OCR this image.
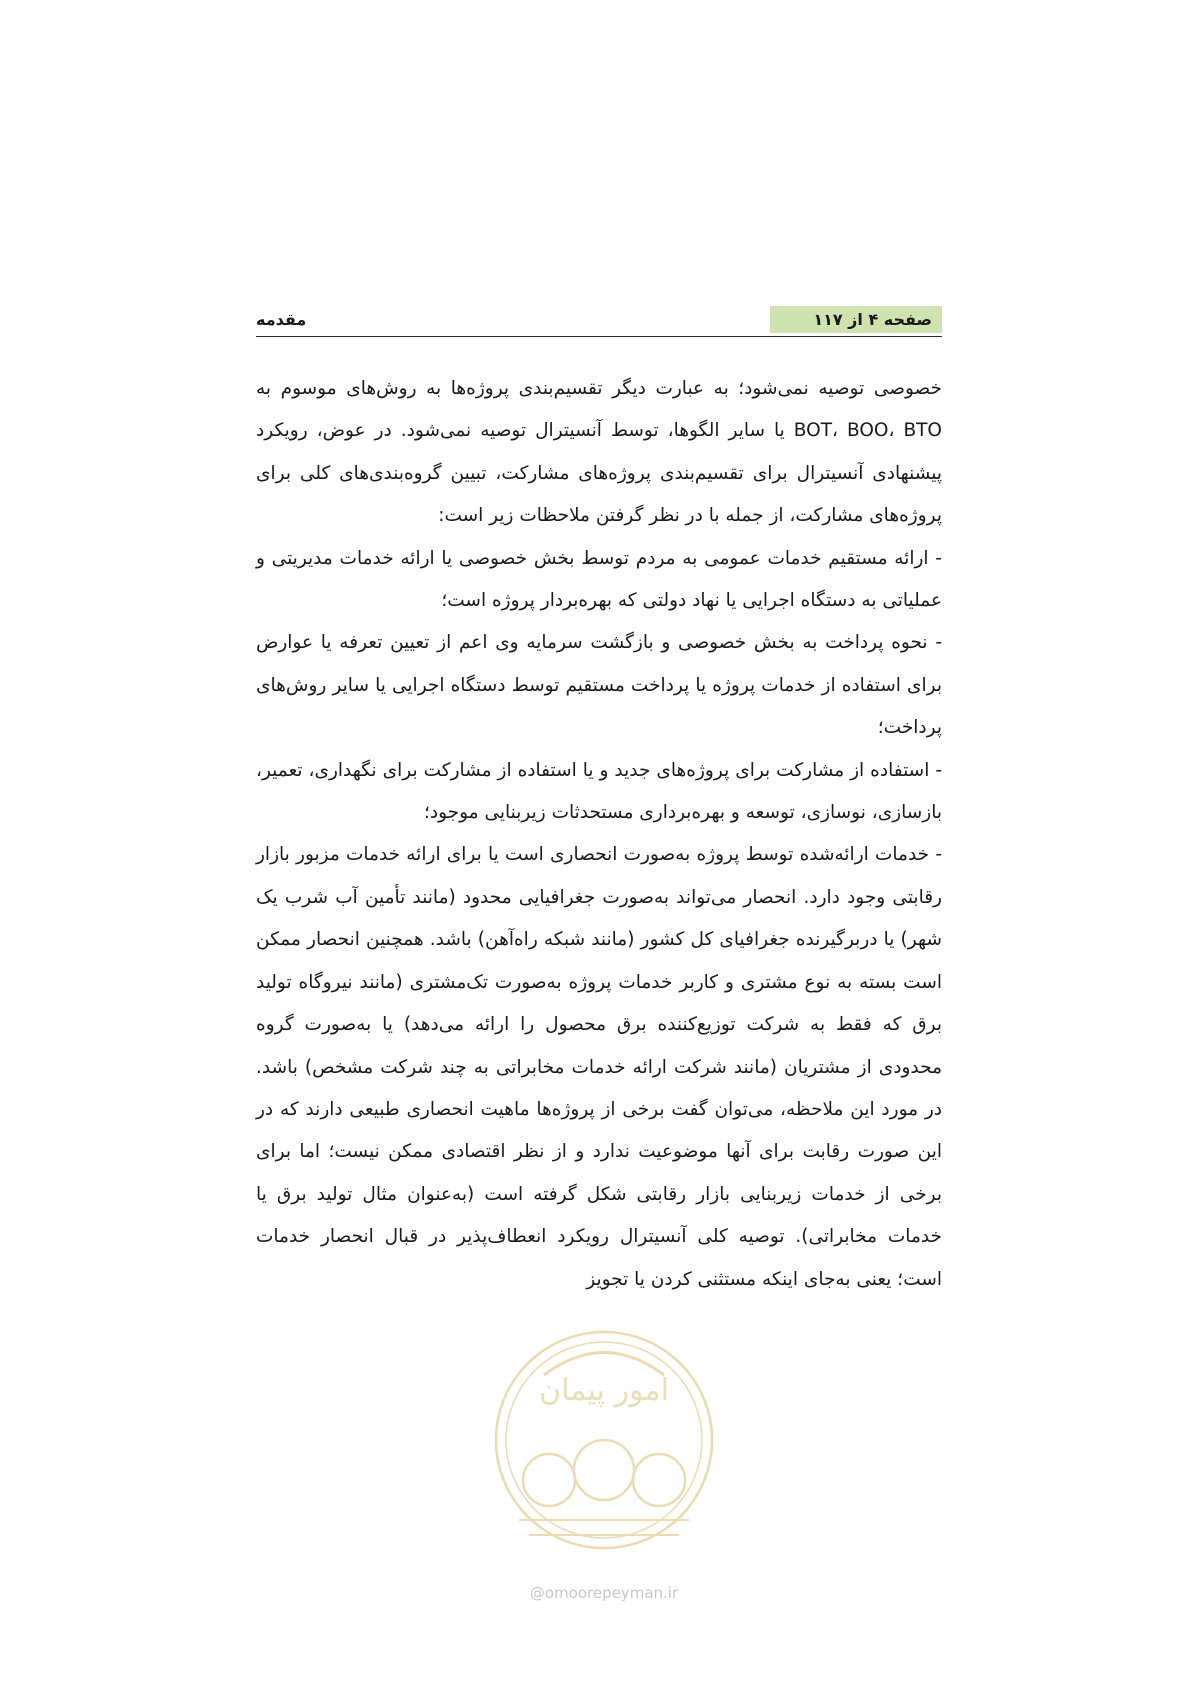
صفحه ۴ از ۱۱۷
مقدمه

خصوصی توصیه نمی‌شود؛ به عبارت دیگر تقسیم‌بندی پروژه‌ها به روش‌های موسوم به BOT، BOO، BTO یا سایر الگوها، توسط آنسیترال توصیه نمی‌شود. در عوض، رویکرد پیشنهادی آنسیترال برای تقسیم‌بندی پروژه‌های مشارکت، تبیین گروه‌بندی‌های کلی برای پروژه‌های مشارکت، از جمله با در نظر گرفتن ملاحظات زیر است:

- ارائه مستقیم خدمات عمومی به مردم توسط بخش خصوصی یا ارائه خدمات مدیریتی و عملیاتی به دستگاه اجرایی یا نهاد دولتی که بهره‌بردار پروژه است؛

- نحوه پرداخت به بخش خصوصی و بازگشت سرمایه وی اعم از تعیین تعرفه یا عوارض برای استفاده از خدمات پروژه یا پرداخت مستقیم توسط دستگاه اجرایی یا سایر روش‌های پرداخت؛

- استفاده از مشارکت برای پروژه‌های جدید و یا استفاده از مشارکت برای نگهداری، تعمیر، بازسازی، نوسازی، توسعه و بهره‌برداری مستحدثات زیربنایی موجود؛

- خدمات ارائه‌شده توسط پروژه به‌صورت انحصاری است یا برای ارائه خدمات مزبور بازار رقابتی وجود دارد. انحصار می‌تواند به‌صورت جغرافیایی محدود (مانند تأمین آب شرب یک شهر) یا دربرگیرنده جغرافیای کل کشور (مانند شبکه راه‌آهن) باشد. همچنین انحصار ممکن است بسته به نوع مشتری و کاربر خدمات پروژه به‌صورت تک‌مشتری (مانند نیروگاه تولید برق که فقط به شرکت توزیع‌کننده برق محصول را ارائه می‌دهد) یا به‌صورت گروه محدودی از مشتریان (مانند شرکت ارائه خدمات مخابراتی به چند شرکت مشخص) باشد. در مورد این ملاحظه، می‌توان گفت برخی از پروژه‌ها ماهیت انحصاری طبیعی دارند که در این صورت رقابت برای آنها موضوعیت ندارد و از نظر اقتصادی ممکن نیست؛ اما برای برخی از خدمات زیربنایی بازار رقابتی شکل گرفته است (به‌عنوان مثال تولید برق یا خدمات مخابراتی). توصیه کلی آنسیترال رویکرد انعطاف‌پذیر در قبال انحصار خدمات است؛ یعنی به‌جای اینکه مستثنی کردن یا تجویز

امور پیمان
@omoorepeyman.ir
